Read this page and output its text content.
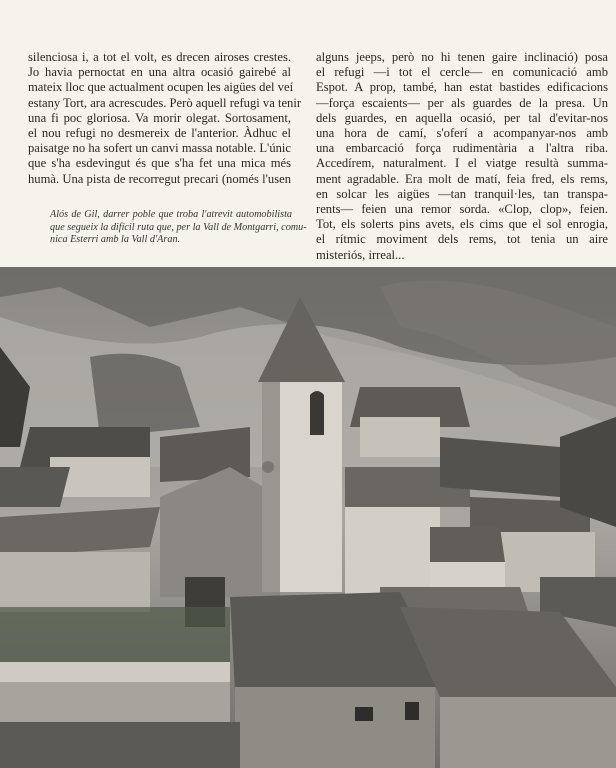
silenciosa i, a tot el volt, es drecen airoses crestes.

Jo havia pernoctat en una altra ocasió gairebé al

mateix lloc que actualment ocupen les aigües del veí

estany Tort, ara acrescudes. Però aquell refugi va tenir

una fi poc gloriosa. Va morir olegat. Sortosament,

el nou refugi no desmereix de l'anterior. Àdhuc el

paisatge no ha sofert un canvi massa notable. L'únic

que s'ha esdevingut és que s'ha fet una mica més

humà. Una pista de recorregut precari (només l'usen

Alós de Gil, darrer poble que troba l'atrevit automobilista

que segueix la difícil ruta que, per la Vall de Montgarri, comu-

nica Esterri amb la Vall d'Aran.

alguns jeeps, però no hi tenen gaire inclinació) posa

el refugi —i tot el cercle— en comunicació amb

Espot. A prop, també, han estat bastides edificacions

—força escaients— per als guardes de la presa. Un

dels guardes, en aquella ocasió, per tal d'evitar-nos

una hora de camí, s'oferí a acompanyar-nos amb

una embarcació força rudimentària a l'altra riba.

Accedírem, naturalment. I el viatge resultà summa-

ment agradable. Era molt de matí, feia fred, els rems,

en solcar les aigües —tan tranquil·les, tan transpa-

rents— feien una remor sorda. «Clop, clop», feien.

Tot, els solerts pins avets, els cims que el sol enrogia,

el rítmic moviment dels rems, tot tenia un aire

misteriós, irreal...
